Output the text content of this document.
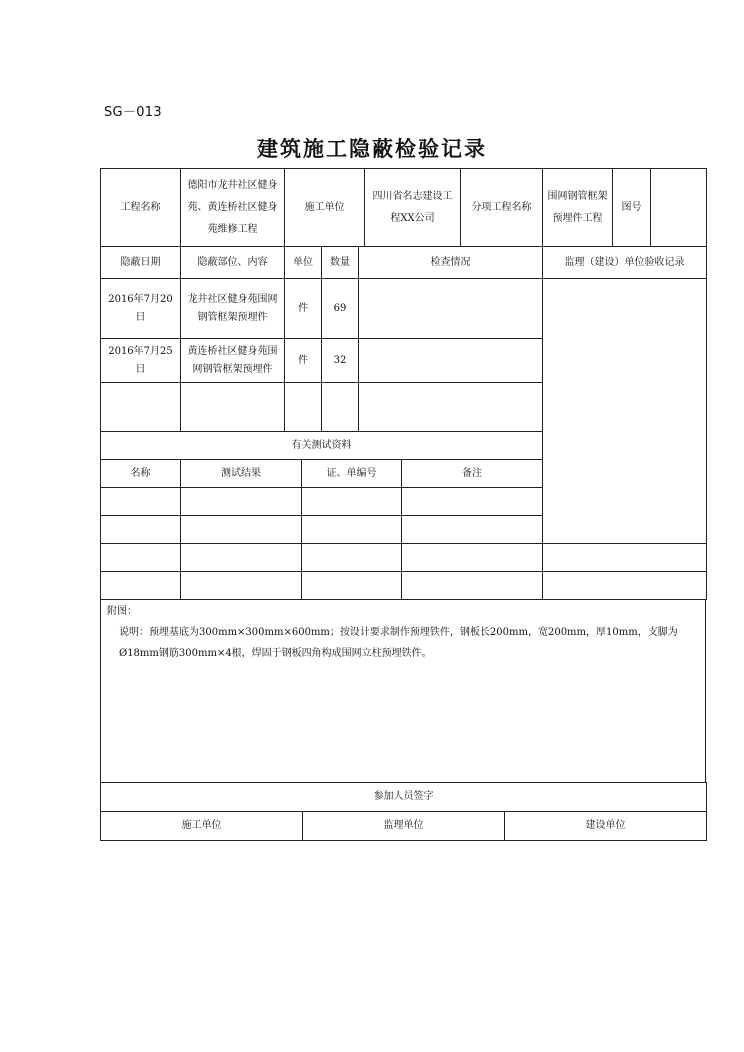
SG－013
建筑施工隐蔽检验记录
工程名称	德阳市龙井社区健身苑、黄连桥社区健身苑维修工程	施工单位	四川省名志建设工程XX公司	分项工程名称	围网钢管框架预埋件工程	图号	
隐蔽日期	隐蔽部位、内容	单位		数量	检查情况		监理（建设）单位验收记录	
2016年7月20日	龙井社区健身苑围网钢管框架预埋件	件		69				
2016年7月25日	黄连桥社区健身苑围网钢管框架预埋件	件		32				

有关测试资料								
名称	测试结果		证、单编号			备注		

附图：
说明：预埋基底为300mm×300mm×600mm；按设计要求制作预埋铁件，钢板长200mm，宽200mm，厚10mm，支脚为Ø18mm钢筋300mm×4根，焊固于钢板四角构成围网立柱预埋铁件。
参加人员签字
施工单位	监理单位	建设单位
